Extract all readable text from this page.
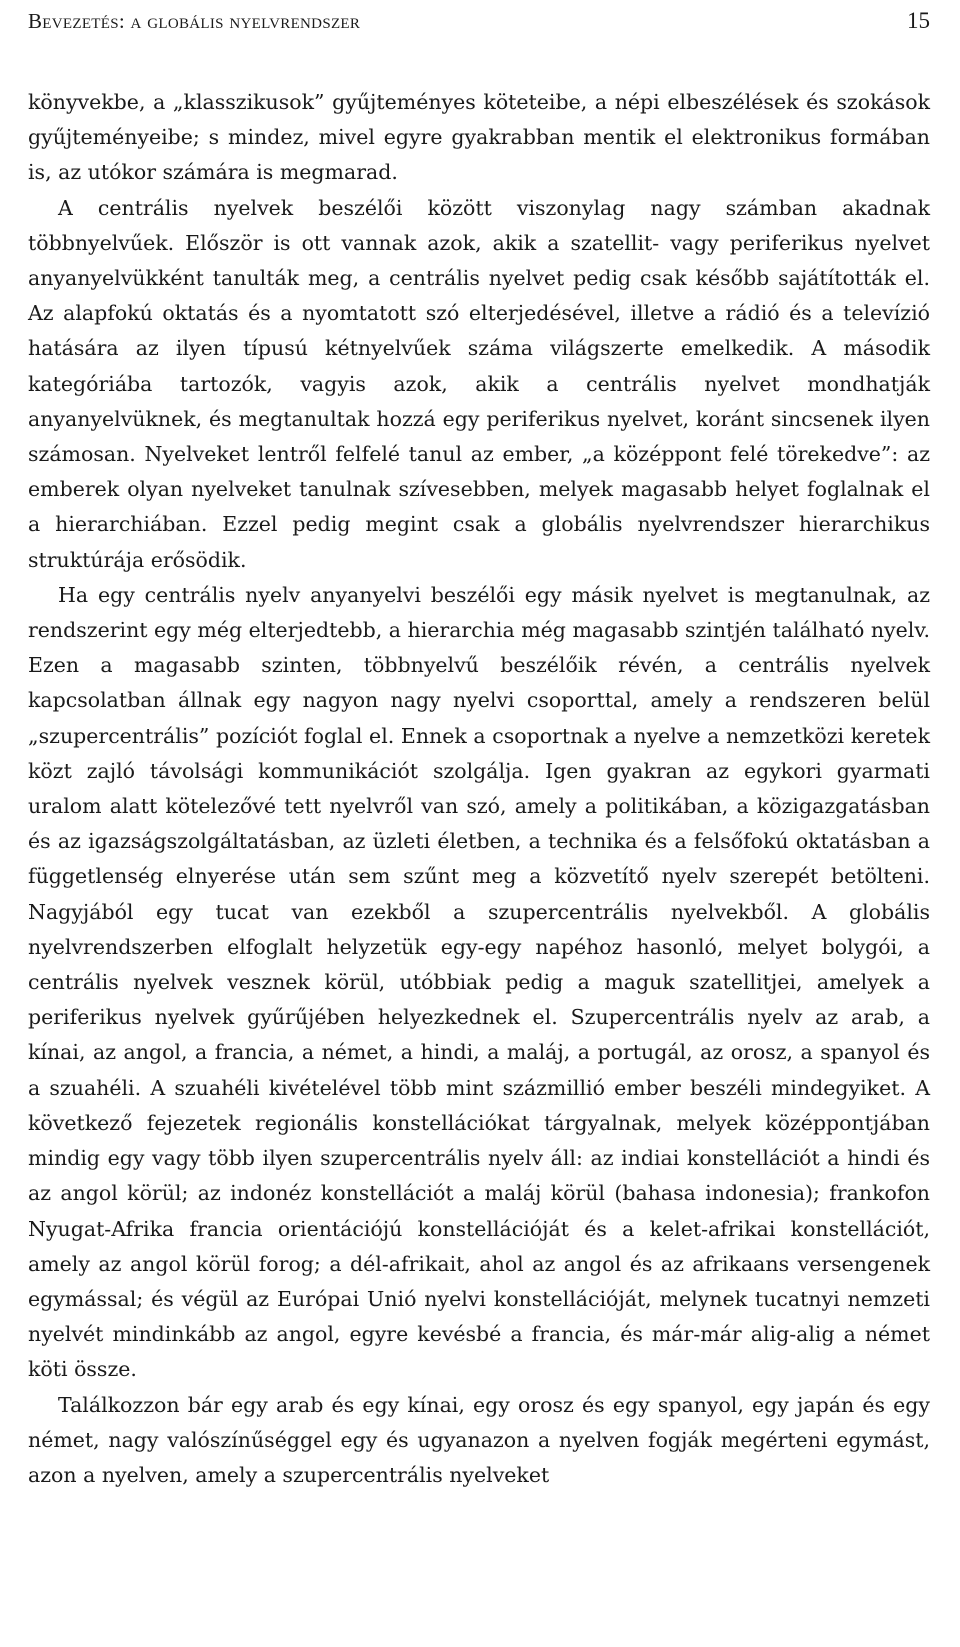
Bevezetés: a globális nyelvrendszer	15

könyvekbe, a „klasszikusok” gyűjteményes köteteibe, a népi elbeszélések és szokások gyűjteményeibe; s mindez, mivel egyre gyakrabban mentik el elektronikus formában is, az utókor számára is megmarad.

A centrális nyelvek beszélői között viszonylag nagy számban akadnak többnyelvűek. Először is ott vannak azok, akik a szatellit- vagy periferikus nyelvet anyanyelvükként tanulták meg, a centrális nyelvet pedig csak később sajátították el. Az alapfokú oktatás és a nyomtatott szó elterjedésével, illetve a rádió és a televízió hatására az ilyen típusú kétnyelvűek száma világszerte emelkedik. A második kategóriába tartozók, vagyis azok, akik a centrális nyelvet mondhatják anyanyelvüknek, és megtanultak hozzá egy periferikus nyelvet, koránt sincsenek ilyen számosan. Nyelveket lentről felfelé tanul az ember, „a középpont felé törekedve”: az emberek olyan nyelveket tanulnak szívesebben, melyek magasabb helyet foglalnak el a hierarchiában. Ezzel pedig megint csak a globális nyelvrendszer hierarchikus struktúrája erősödik.

Ha egy centrális nyelv anyanyelvi beszélői egy másik nyelvet is megtanulnak, az rendszerint egy még elterjedtebb, a hierarchia még magasabb szintjén található nyelv. Ezen a magasabb szinten, többnyelvű beszélőik révén, a centrális nyelvek kapcsolatban állnak egy nagyon nagy nyelvi csoporttal, amely a rendszeren belül „szupercentrális” pozíciót foglal el. Ennek a csoportnak a nyelve a nemzetközi keretek közt zajló távolsági kommunikációt szolgálja. Igen gyakran az egykori gyarmati uralom alatt kötelezővé tett nyelvről van szó, amely a politikában, a közigazgatásban és az igazságszolgáltatásban, az üzleti életben, a technika és a felsőfokú oktatásban a függetlenség elnyerése után sem szűnt meg a közvetítő nyelv szerepét betölteni. Nagyjából egy tucat van ezekből a szupercentrális nyelvekből. A globális nyelvrendszerben elfoglalt helyzetük egy-egy napéhoz hasonló, melyet bolygói, a centrális nyelvek vesznek körül, utóbbiak pedig a maguk szatellitjei, amelyek a periferikus nyelvek gyűrűjében helyezkednek el. Szupercentrális nyelv az arab, a kínai, az angol, a francia, a német, a hindi, a maláj, a portugál, az orosz, a spanyol és a szuahéli. A szuahéli kivételével több mint százmillió ember beszéli mindegyiket. A következő fejezetek regionális konstellációkat tárgyalnak, melyek középpontjában mindig egy vagy több ilyen szupercentrális nyelv áll: az indiai konstellációt a hindi és az angol körül; az indonéz konstellációt a maláj körül (bahasa indonesia); frankofon Nyugat-Afrika francia orientációjú konstellációját és a kelet-afrikai konstellációt, amely az angol körül forog; a dél-afrikait, ahol az angol és az afrikaans versengenek egymással; és végül az Európai Unió nyelvi konstellációját, melynek tucatnyi nemzeti nyelvét mindinkább az angol, egyre kevésbé a francia, és már-már alig-alig a német köti össze.

Találkozzon bár egy arab és egy kínai, egy orosz és egy spanyol, egy japán és egy német, nagy valószínűséggel egy és ugyanazon a nyelven fogják megérteni egymást, azon a nyelven, amely a szupercentrális nyelveket
